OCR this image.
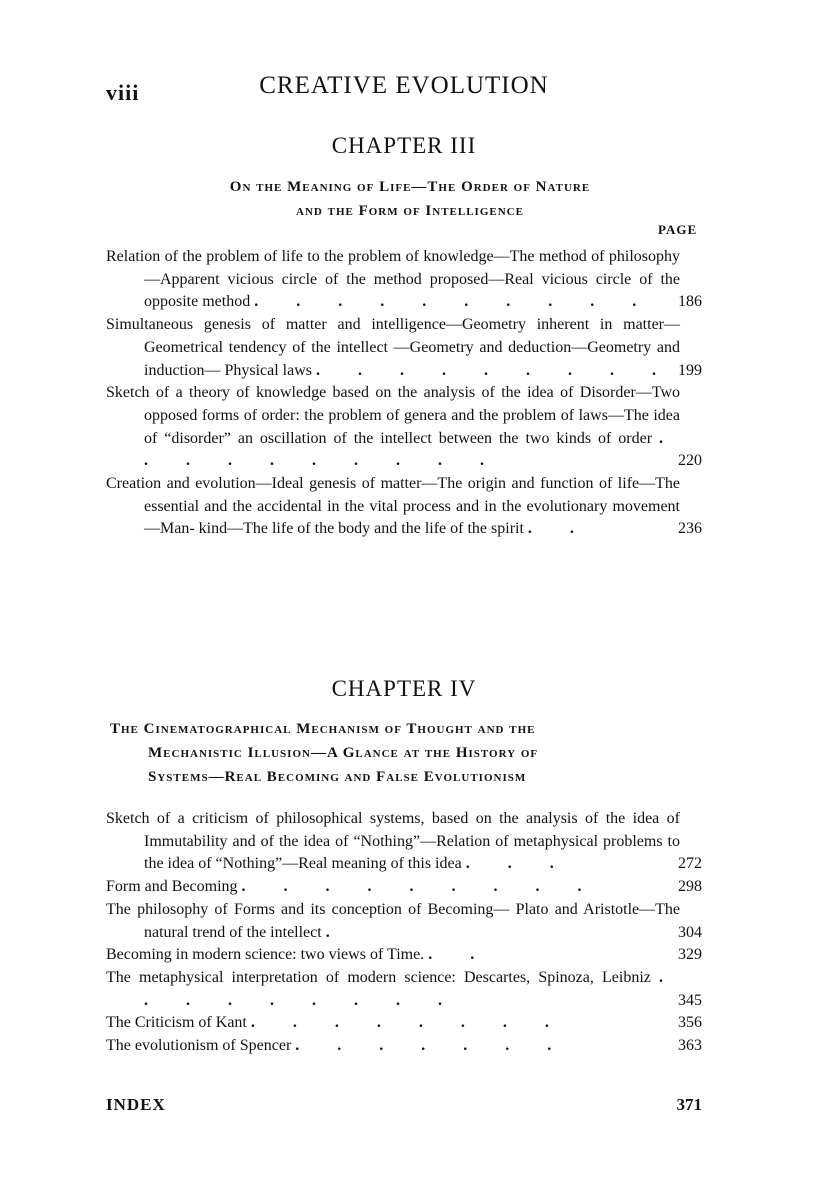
viii	CREATIVE EVOLUTION
CHAPTER III
On the Meaning of Life—The Order of Nature
and the Form of Intelligence
PAGE
Relation of the problem of life to the problem of knowledge—The method of philosophy—Apparent vicious circle of the method proposed—Real vicious circle of the opposite method . . . . . . . . . .	186
Simultaneous genesis of matter and intelligence—Geometry inherent in matter—Geometrical tendency of the intellect —Geometry and deduction—Geometry and induction— Physical laws . . . . . . . . . 199
Sketch of a theory of knowledge based on the analysis of the idea of Disorder—Two opposed forms of order: the problem of genera and the problem of laws—The idea of “disorder” an oscillation of the intellect between the two kinds of order . . . . . . . . . .	220
Creation and evolution—Ideal genesis of matter—The origin and function of life—The essential and the accidental in the vital process and in the evolutionary movement—Man- kind—The life of the body and the life of the spirit . .	236
CHAPTER IV
The Cinematographical Mechanism of Thought and the
Mechanistic Illusion—A Glance at the History of
Systems—Real Becoming and False Evolutionism
Sketch of a criticism of philosophical systems, based on the analysis of the idea of Immutability and of the idea of “Nothing”—Relation of metaphysical problems to the idea of “Nothing”—Real meaning of this idea . . .	272
Form and Becoming . . . . . . . . .	298
The philosophy of Forms and its conception of Becoming— Plato and Aristotle—The natural trend of the intellect .	304
Becoming in modern science: two views of Time. . .	329
The metaphysical interpretation of modern science: Descartes, Spinoza, Leibniz . . . . . . . . .	345
The Criticism of Kant . . . . . . . .	356
The evolutionism of Spencer . . . . . . .	363
INDEX	371
